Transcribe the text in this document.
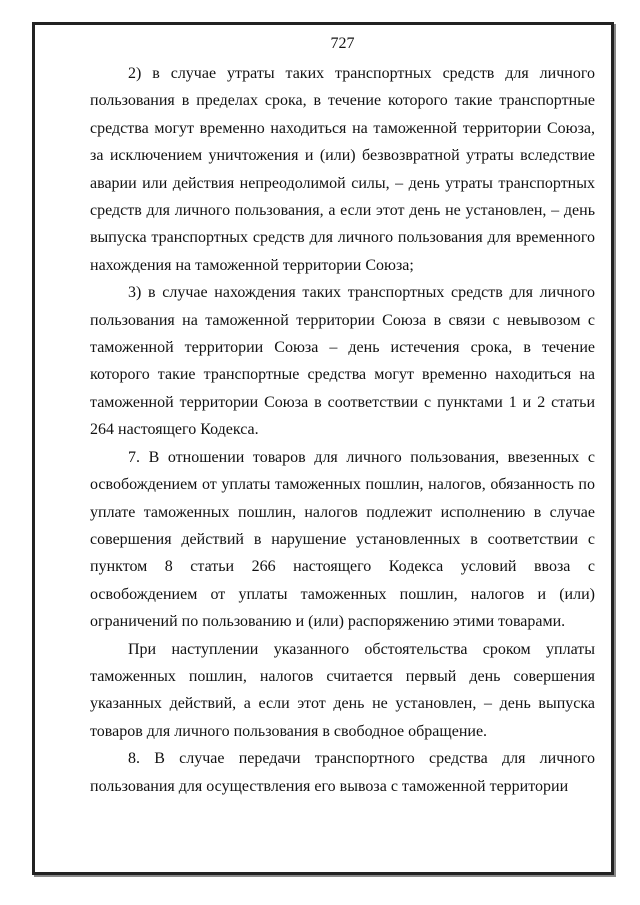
727

2) в случае утраты таких транспортных средств для личного пользования в пределах срока, в течение которого такие транспортные средства могут временно находиться на таможенной территории Союза, за исключением уничтожения и (или) безвозвратной утраты вследствие аварии или действия непреодолимой силы, – день утраты транспортных средств для личного пользования, а если этот день не установлен, – день выпуска транспортных средств для личного пользования для временного нахождения на таможенной территории Союза;

3) в случае нахождения таких транспортных средств для личного пользования на таможенной территории Союза в связи с невывозом с таможенной территории Союза – день истечения срока, в течение которого такие транспортные средства могут временно находиться на таможенной территории Союза в соответствии с пунктами 1 и 2 статьи 264 настоящего Кодекса.

7. В отношении товаров для личного пользования, ввезенных с освобождением от уплаты таможенных пошлин, налогов, обязанность по уплате таможенных пошлин, налогов подлежит исполнению в случае совершения действий в нарушение установленных в соответствии с пунктом 8 статьи 266 настоящего Кодекса условий ввоза с освобождением от уплаты таможенных пошлин, налогов и (или) ограничений по пользованию и (или) распоряжению этими товарами.

При наступлении указанного обстоятельства сроком уплаты таможенных пошлин, налогов считается первый день совершения указанных действий, а если этот день не установлен, – день выпуска товаров для личного пользования в свободное обращение.

8. В случае передачи транспортного средства для личного пользования для осуществления его вывоза с таможенной территории
